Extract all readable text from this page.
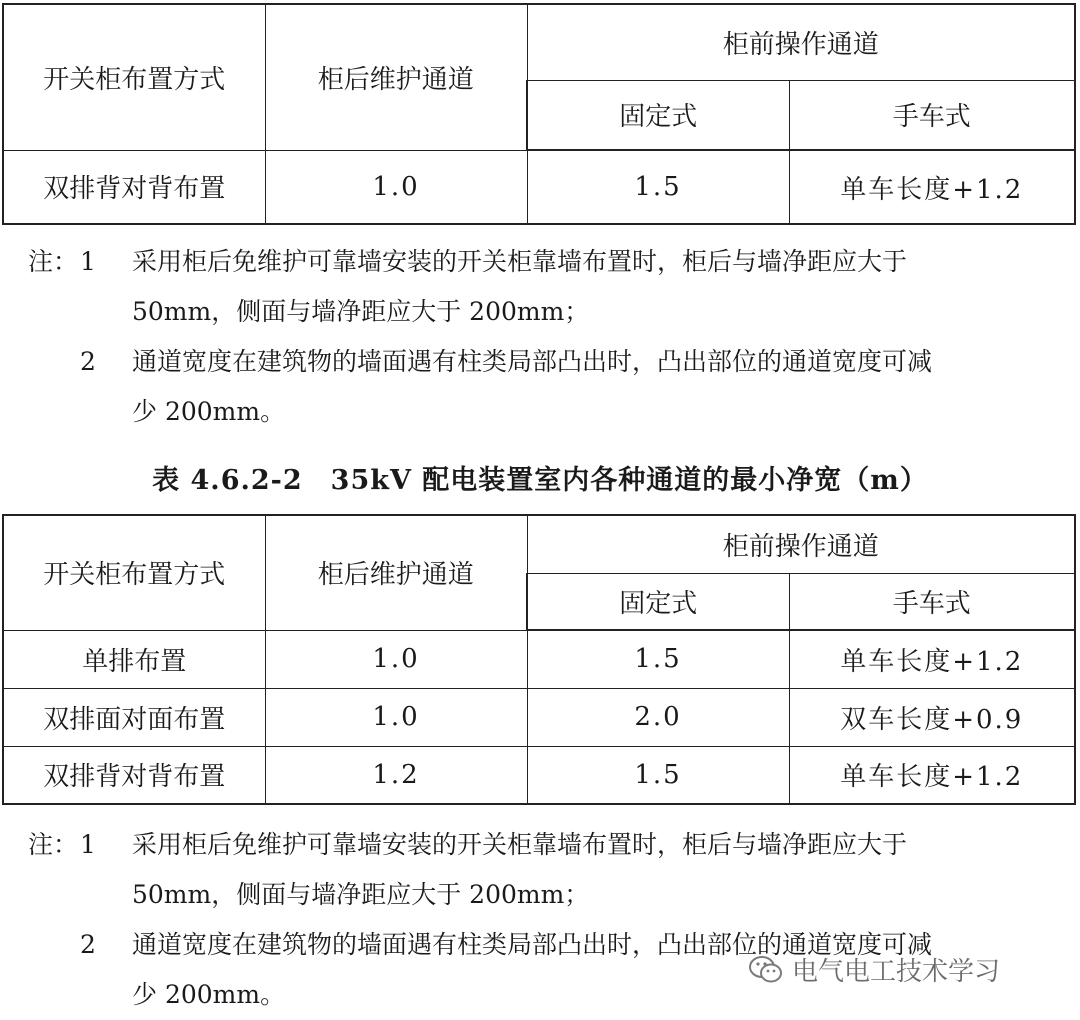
开关柜布置方式	柜后维护通道	柜前操作通道	
		固定式	手车式
双排背对背布置	1.0	1.5	单车长度+1.2
注： 1	采用柜后免维护可靠墙安装的开关柜靠墙布置时，柜后与墙净距应大于
50mm，侧面与墙净距应大于 200mm；
2	通道宽度在建筑物的墙面遇有柱类局部凸出时，凸出部位的通道宽度可减
少 200mm。
表 4.6.2-2　35kV 配电装置室内各种通道的最小净宽（m）
开关柜布置方式	柜后维护通道	柜前操作通道	
		固定式	手车式
单排布置	1.0	1.5	单车长度+1.2
双排面对面布置	1.0	2.0	双车长度+0.9
双排背对背布置	1.2	1.5	单车长度+1.2
注： 1	采用柜后免维护可靠墙安装的开关柜靠墙布置时，柜后与墙净距应大于
50mm，侧面与墙净距应大于 200mm；
2	通道宽度在建筑物的墙面遇有柱类局部凸出时，凸出部位的通道宽度可减
少 200mm。
电气电工技术学习
